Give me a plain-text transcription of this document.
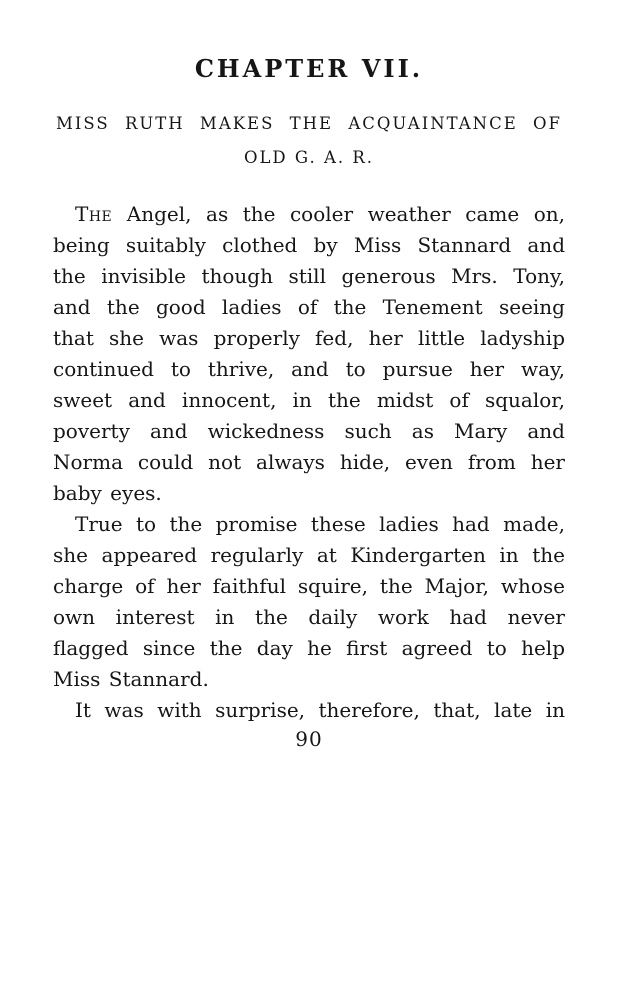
CHAPTER VII.
MISS RUTH MAKES THE ACQUAINTANCE OF
OLD G. A. R.
The Angel, as the cooler weather came on,
being suitably clothed by Miss Stannard and
the invisible though still generous Mrs. Tony,
and the good ladies of the Tenement seeing
that she was properly fed, her little ladyship
continued to thrive, and to pursue her way,
sweet and innocent, in the midst of squalor,
poverty and wickedness such as Mary and
Norma could not always hide, even from her
baby eyes.
True to the promise these ladies had made,
she appeared regularly at Kindergarten in the
charge of her faithful squire, the Major, whose
own interest in the daily work had never
flagged since the day he first agreed to help
Miss Stannard.
It was with surprise, therefore, that, late in
90
